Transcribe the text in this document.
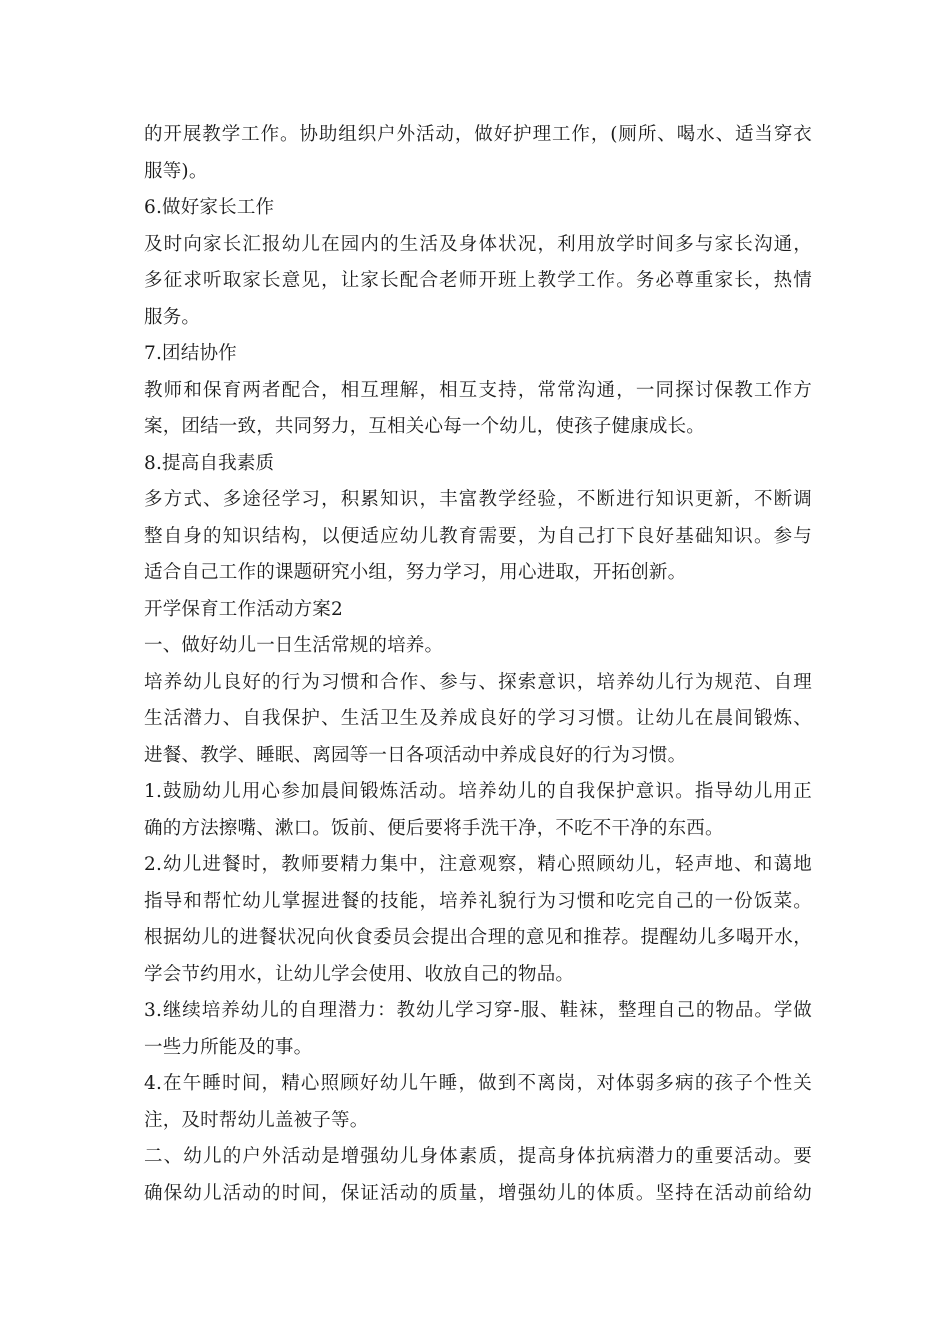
的开展教学工作。协助组织户外活动，做好护理工作，(厕所、喝水、适当穿衣
服等)。
6.做好家长工作
及时向家长汇报幼儿在园内的生活及身体状况，利用放学时间多与家长沟通，
多征求听取家长意见，让家长配合老师开班上教学工作。务必尊重家长，热情
服务。
7.团结协作
教师和保育两者配合，相互理解，相互支持，常常沟通，一同探讨保教工作方
案，团结一致，共同努力，互相关心每一个幼儿，使孩子健康成长。
8.提高自我素质
多方式、多途径学习，积累知识，丰富教学经验，不断进行知识更新，不断调
整自身的知识结构，以便适应幼儿教育需要，为自己打下良好基础知识。参与
适合自己工作的课题研究小组，努力学习，用心进取，开拓创新。
开学保育工作活动方案2
一、做好幼儿一日生活常规的培养。
培养幼儿良好的行为习惯和合作、参与、探索意识，培养幼儿行为规范、自理
生活潜力、自我保护、生活卫生及养成良好的学习习惯。让幼儿在晨间锻炼、
进餐、教学、睡眠、离园等一日各项活动中养成良好的行为习惯。
1.鼓励幼儿用心参加晨间锻炼活动。培养幼儿的自我保护意识。指导幼儿用正
确的方法擦嘴、漱口。饭前、便后要将手洗干净，不吃不干净的东西。
2.幼儿进餐时，教师要精力集中，注意观察，精心照顾幼儿，轻声地、和蔼地
指导和帮忙幼儿掌握进餐的技能，培养礼貌行为习惯和吃完自己的一份饭菜。
根据幼儿的进餐状况向伙食委员会提出合理的意见和推荐。提醒幼儿多喝开水，
学会节约用水，让幼儿学会使用、收放自己的物品。
3.继续培养幼儿的自理潜力：教幼儿学习穿-服、鞋袜，整理自己的物品。学做
一些力所能及的事。
4.在午睡时间，精心照顾好幼儿午睡，做到不离岗，对体弱多病的孩子个性关
注，及时帮幼儿盖被子等。
二、幼儿的户外活动是增强幼儿身体素质，提高身体抗病潜力的重要活动。要
确保幼儿活动的时间，保证活动的质量，增强幼儿的体质。坚持在活动前给幼
